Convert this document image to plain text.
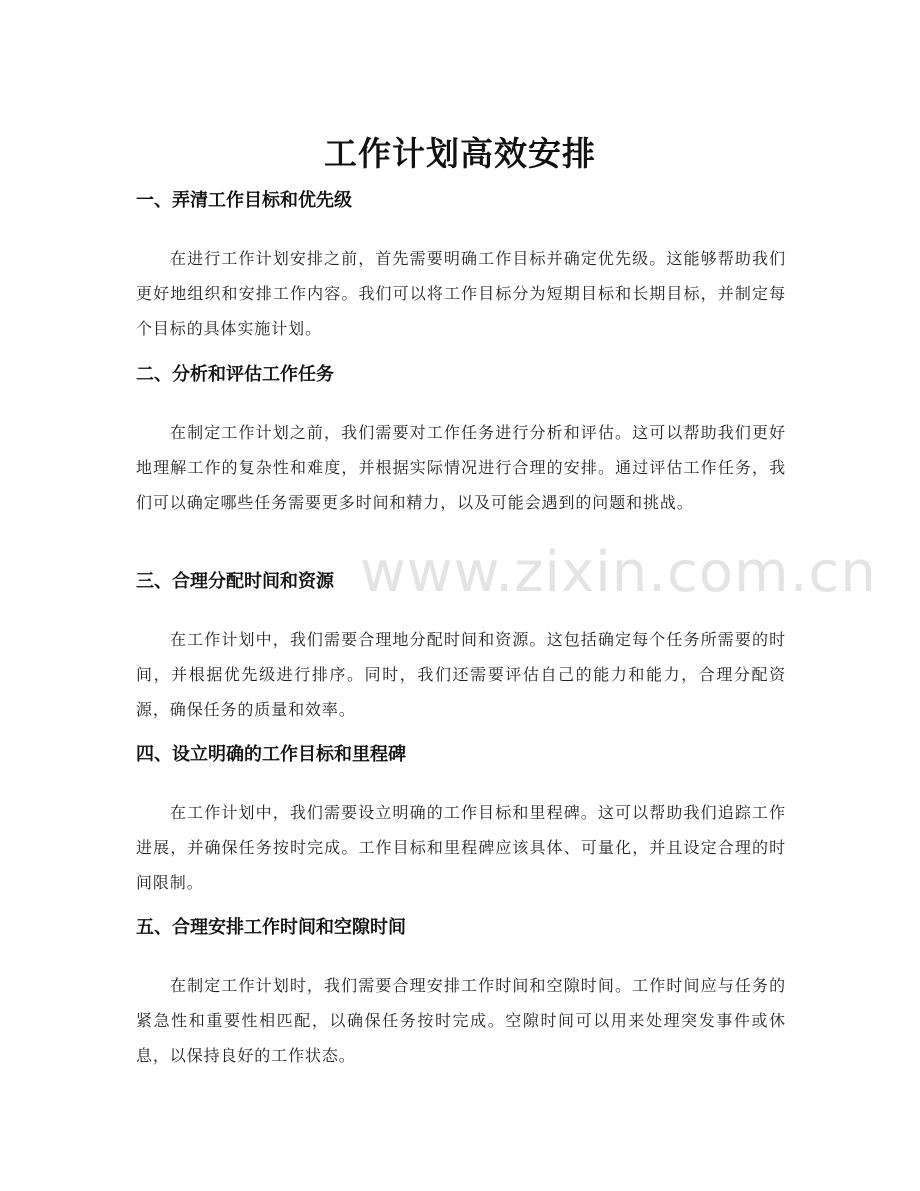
www.zixin.com.cn
工作计划高效安排
一、弄清工作目标和优先级

在进行工作计划安排之前，首先需要明确工作目标并确定优先级。这能够帮助我们更好地组织和安排工作内容。我们可以将工作目标分为短期目标和长期目标，并制定每个目标的具体实施计划。

二、分析和评估工作任务

在制定工作计划之前，我们需要对工作任务进行分析和评估。这可以帮助我们更好地理解工作的复杂性和难度，并根据实际情况进行合理的安排。通过评估工作任务，我们可以确定哪些任务需要更多时间和精力，以及可能会遇到的问题和挑战。

三、合理分配时间和资源

在工作计划中，我们需要合理地分配时间和资源。这包括确定每个任务所需要的时间，并根据优先级进行排序。同时，我们还需要评估自己的能力和能力，合理分配资源，确保任务的质量和效率。

四、设立明确的工作目标和里程碑

在工作计划中，我们需要设立明确的工作目标和里程碑。这可以帮助我们追踪工作进展，并确保任务按时完成。工作目标和里程碑应该具体、可量化，并且设定合理的时间限制。

五、合理安排工作时间和空隙时间

在制定工作计划时，我们需要合理安排工作时间和空隙时间。工作时间应与任务的紧急性和重要性相匹配，以确保任务按时完成。空隙时间可以用来处理突发事件或休息，以保持良好的工作状态。
